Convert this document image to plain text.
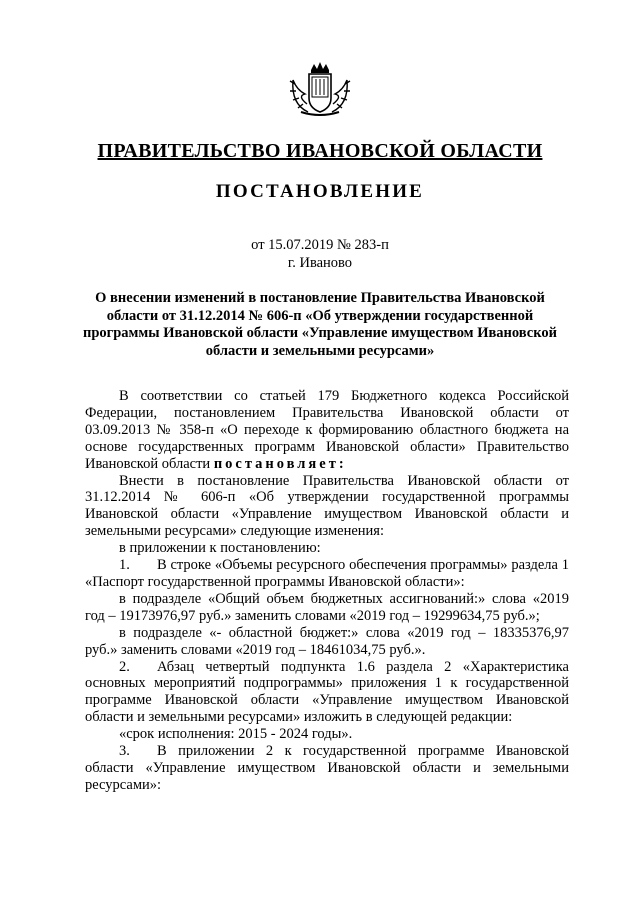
ПРАВИТЕЛЬСТВО ИВАНОВСКОЙ ОБЛАСТИ
ПОСТАНОВЛЕНИЕ
от 15.07.2019 № 283-п
г. Иваново
О внесении изменений в постановление Правительства Ивановской области от 31.12.2014 № 606-п «Об утверждении государственной программы Ивановской области «Управление имуществом Ивановской области и земельными ресурсами»

В соответствии со статьей 179 Бюджетного кодекса Российской Федерации, постановлением Правительства Ивановской области от 03.09.2013 № 358-п «О переходе к формированию областного бюджета на основе государственных программ Ивановской области» Правительство Ивановской области постановляет:

Внести в постановление Правительства Ивановской области от 31.12.2014 № 606-п «Об утверждении государственной программы Ивановской области «Управление имуществом Ивановской области и земельными ресурсами» следующие изменения:

в приложении к постановлению:

1. В строке «Объемы ресурсного обеспечения программы» раздела 1 «Паспорт государственной программы Ивановской области»:

в подразделе «Общий объем бюджетных ассигнований:» слова «2019 год – 19173976,97 руб.» заменить словами «2019 год – 19299634,75 руб.»;

в подразделе «- областной бюджет:» слова «2019 год – 18335376,97 руб.» заменить словами «2019 год – 18461034,75 руб.».

2. Абзац четвертый подпункта 1.6 раздела 2 «Характеристика основных мероприятий подпрограммы» приложения 1 к государственной программе Ивановской области «Управление имуществом Ивановской области и земельными ресурсами» изложить в следующей редакции:

«срок исполнения: 2015 - 2024 годы».

3. В приложении 2 к государственной программе Ивановской области «Управление имуществом Ивановской области и земельными ресурсами»:
